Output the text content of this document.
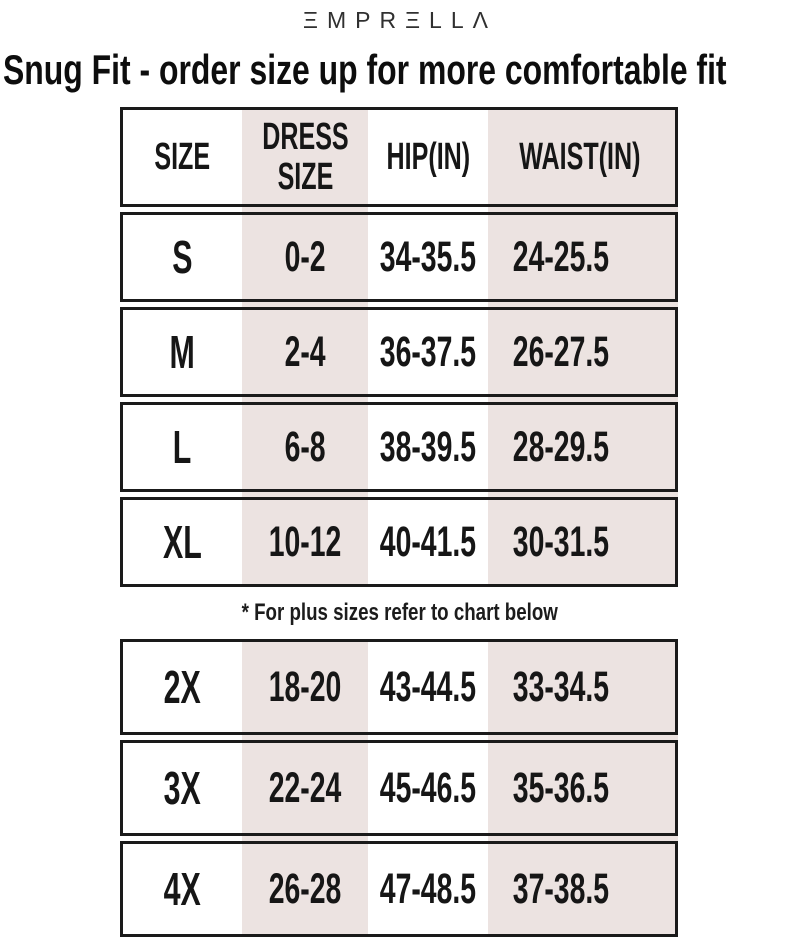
ΞMPRΞLLΛ
Snug Fit - order size up for more comfortable fit
SIZE DRESS SIZE	HIP(IN) WAIST(IN)
S 0-2 34-35.5 24-25.5
M 2-4 36-37.5 26-27.5
L 6-8 38-39.5 28-29.5
XL 10-12 40-41.5 30-31.5
* For plus sizes refer to chart below
2X 18-20 43-44.5 33-34.5
3X 22-24 45-46.5 35-36.5
4X 26-28 47-48.5 37-38.5
